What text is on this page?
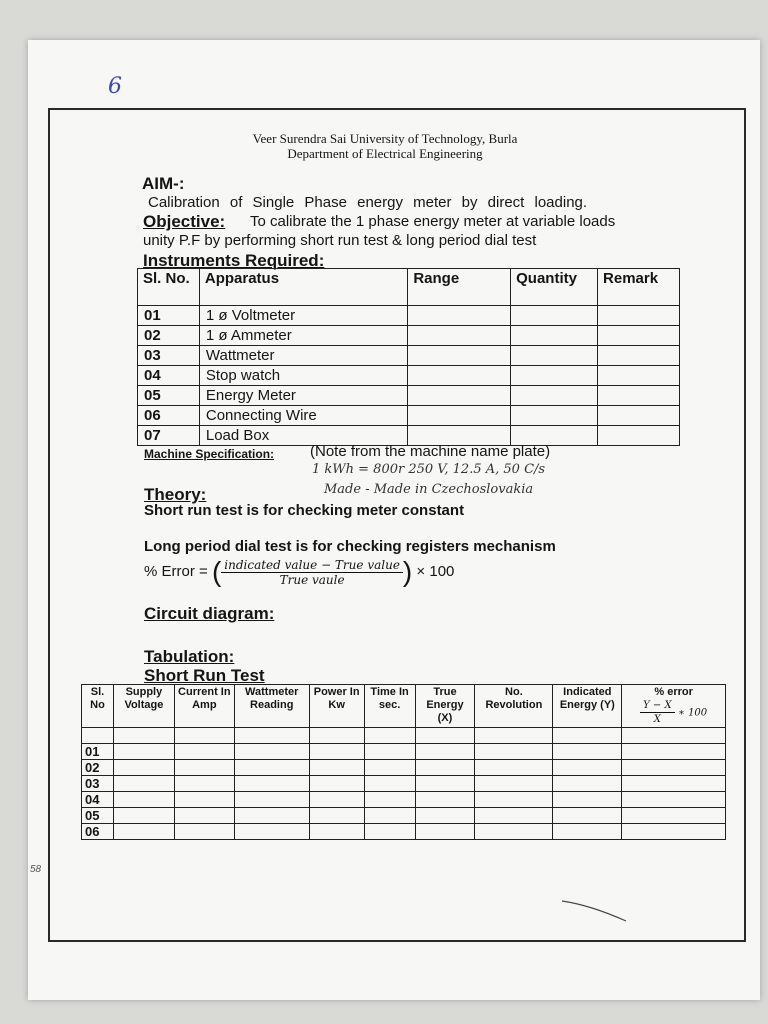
6
58
Veer Surendra Sai University of Technology, Burla
Department of Electrical Engineering
AIM-:
Calibration of Single Phase energy meter by direct loading.
Objective: To calibrate the 1 phase energy meter at variable loads
unity P.F by performing short run test & long period dial test
Instruments Required:
Sl. No.	Apparatus	Range	Quantity	Remark
01	1 ø Voltmeter			
02	1 ø Ammeter			
03	Wattmeter			
04	Stop watch			
05	Energy Meter			
06	Connecting Wire			
07	Load Box			
Machine Specification: (Note from the machine name plate)
1 kWh = 800r 250 V, 12.5 A, 50 C/s
Made - Made in Czechoslovakia
Theory:
Short run test is for checking meter constant
Long period dial test is for checking registers mechanism
% Error = ( $\frac{\text{indicated value − True value}}{\text{True vaule}}$ ) × 100
Circuit diagram:
Tabulation:
Short Run Test
Sl. No	Supply Voltage	Current In Amp	Wattmeter Reading	Power In Kw	Time In sec.	True Energy (X)	No. Revolution	Indicated Energy (Y)	% error
$\frac{Y - X}{X}$ ∗ 100

01									
02									
03									
04									
05									
06									
